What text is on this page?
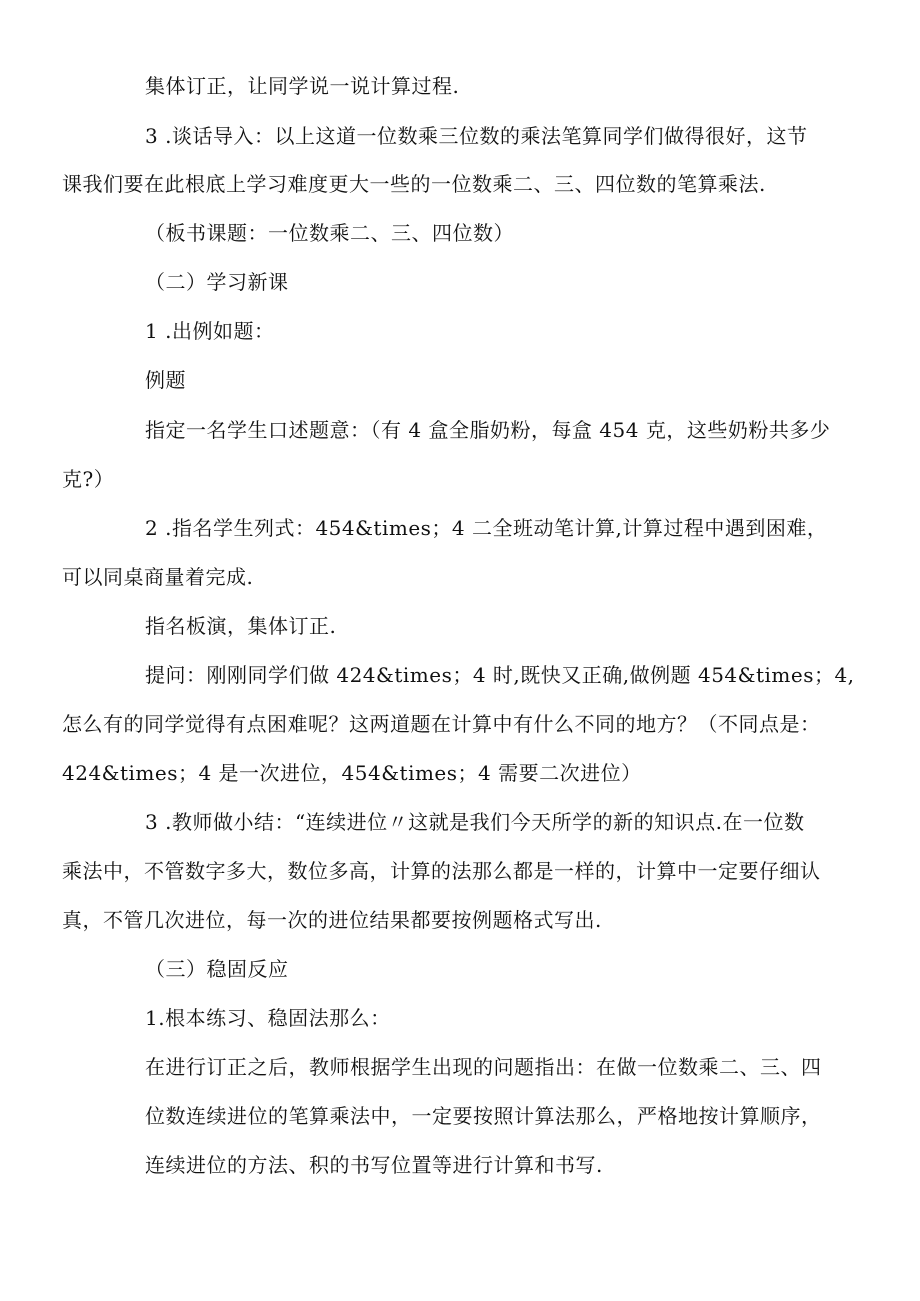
集体订正，让同学说一说计算过程.
3 .谈话导入：以上这道一位数乘三位数的乘法笔算同学们做得很好，这节
课我们要在此根底上学习难度更大一些的一位数乘二、三、四位数的笔算乘法.
（板书课题：一位数乘二、三、四位数）
（二）学习新课
1 .出例如题：
例题
指定一名学生口述题意：（有 4 盒全脂奶粉，每盒 454 克，这些奶粉共多少
克?）
2 .指名学生列式：454&times；4 二全班动笔计算,计算过程中遇到困难，
可以同桌商量着完成.
指名板演，集体订正.
提问：刚刚同学们做 424&times；4 时,既快又正确,做例题 454&times；4,
怎么有的同学觉得有点困难呢？这两道题在计算中有什么不同的地方？（不同点是：
424&times；4 是一次进位，454&times；4 需要二次进位）
3 .教师做小结：“连续进位〃这就是我们今天所学的新的知识点.在一位数
乘法中，不管数字多大，数位多高，计算的法那么都是一样的，计算中一定要仔细认
真，不管几次进位，每一次的进位结果都要按例题格式写出.
（三）稳固反应
1.根本练习、稳固法那么：
在进行订正之后，教师根据学生出现的问题指出：在做一位数乘二、三、四
位数连续进位的笔算乘法中，一定要按照计算法那么，严格地按计算顺序，
连续进位的方法、积的书写位置等进行计算和书写.
